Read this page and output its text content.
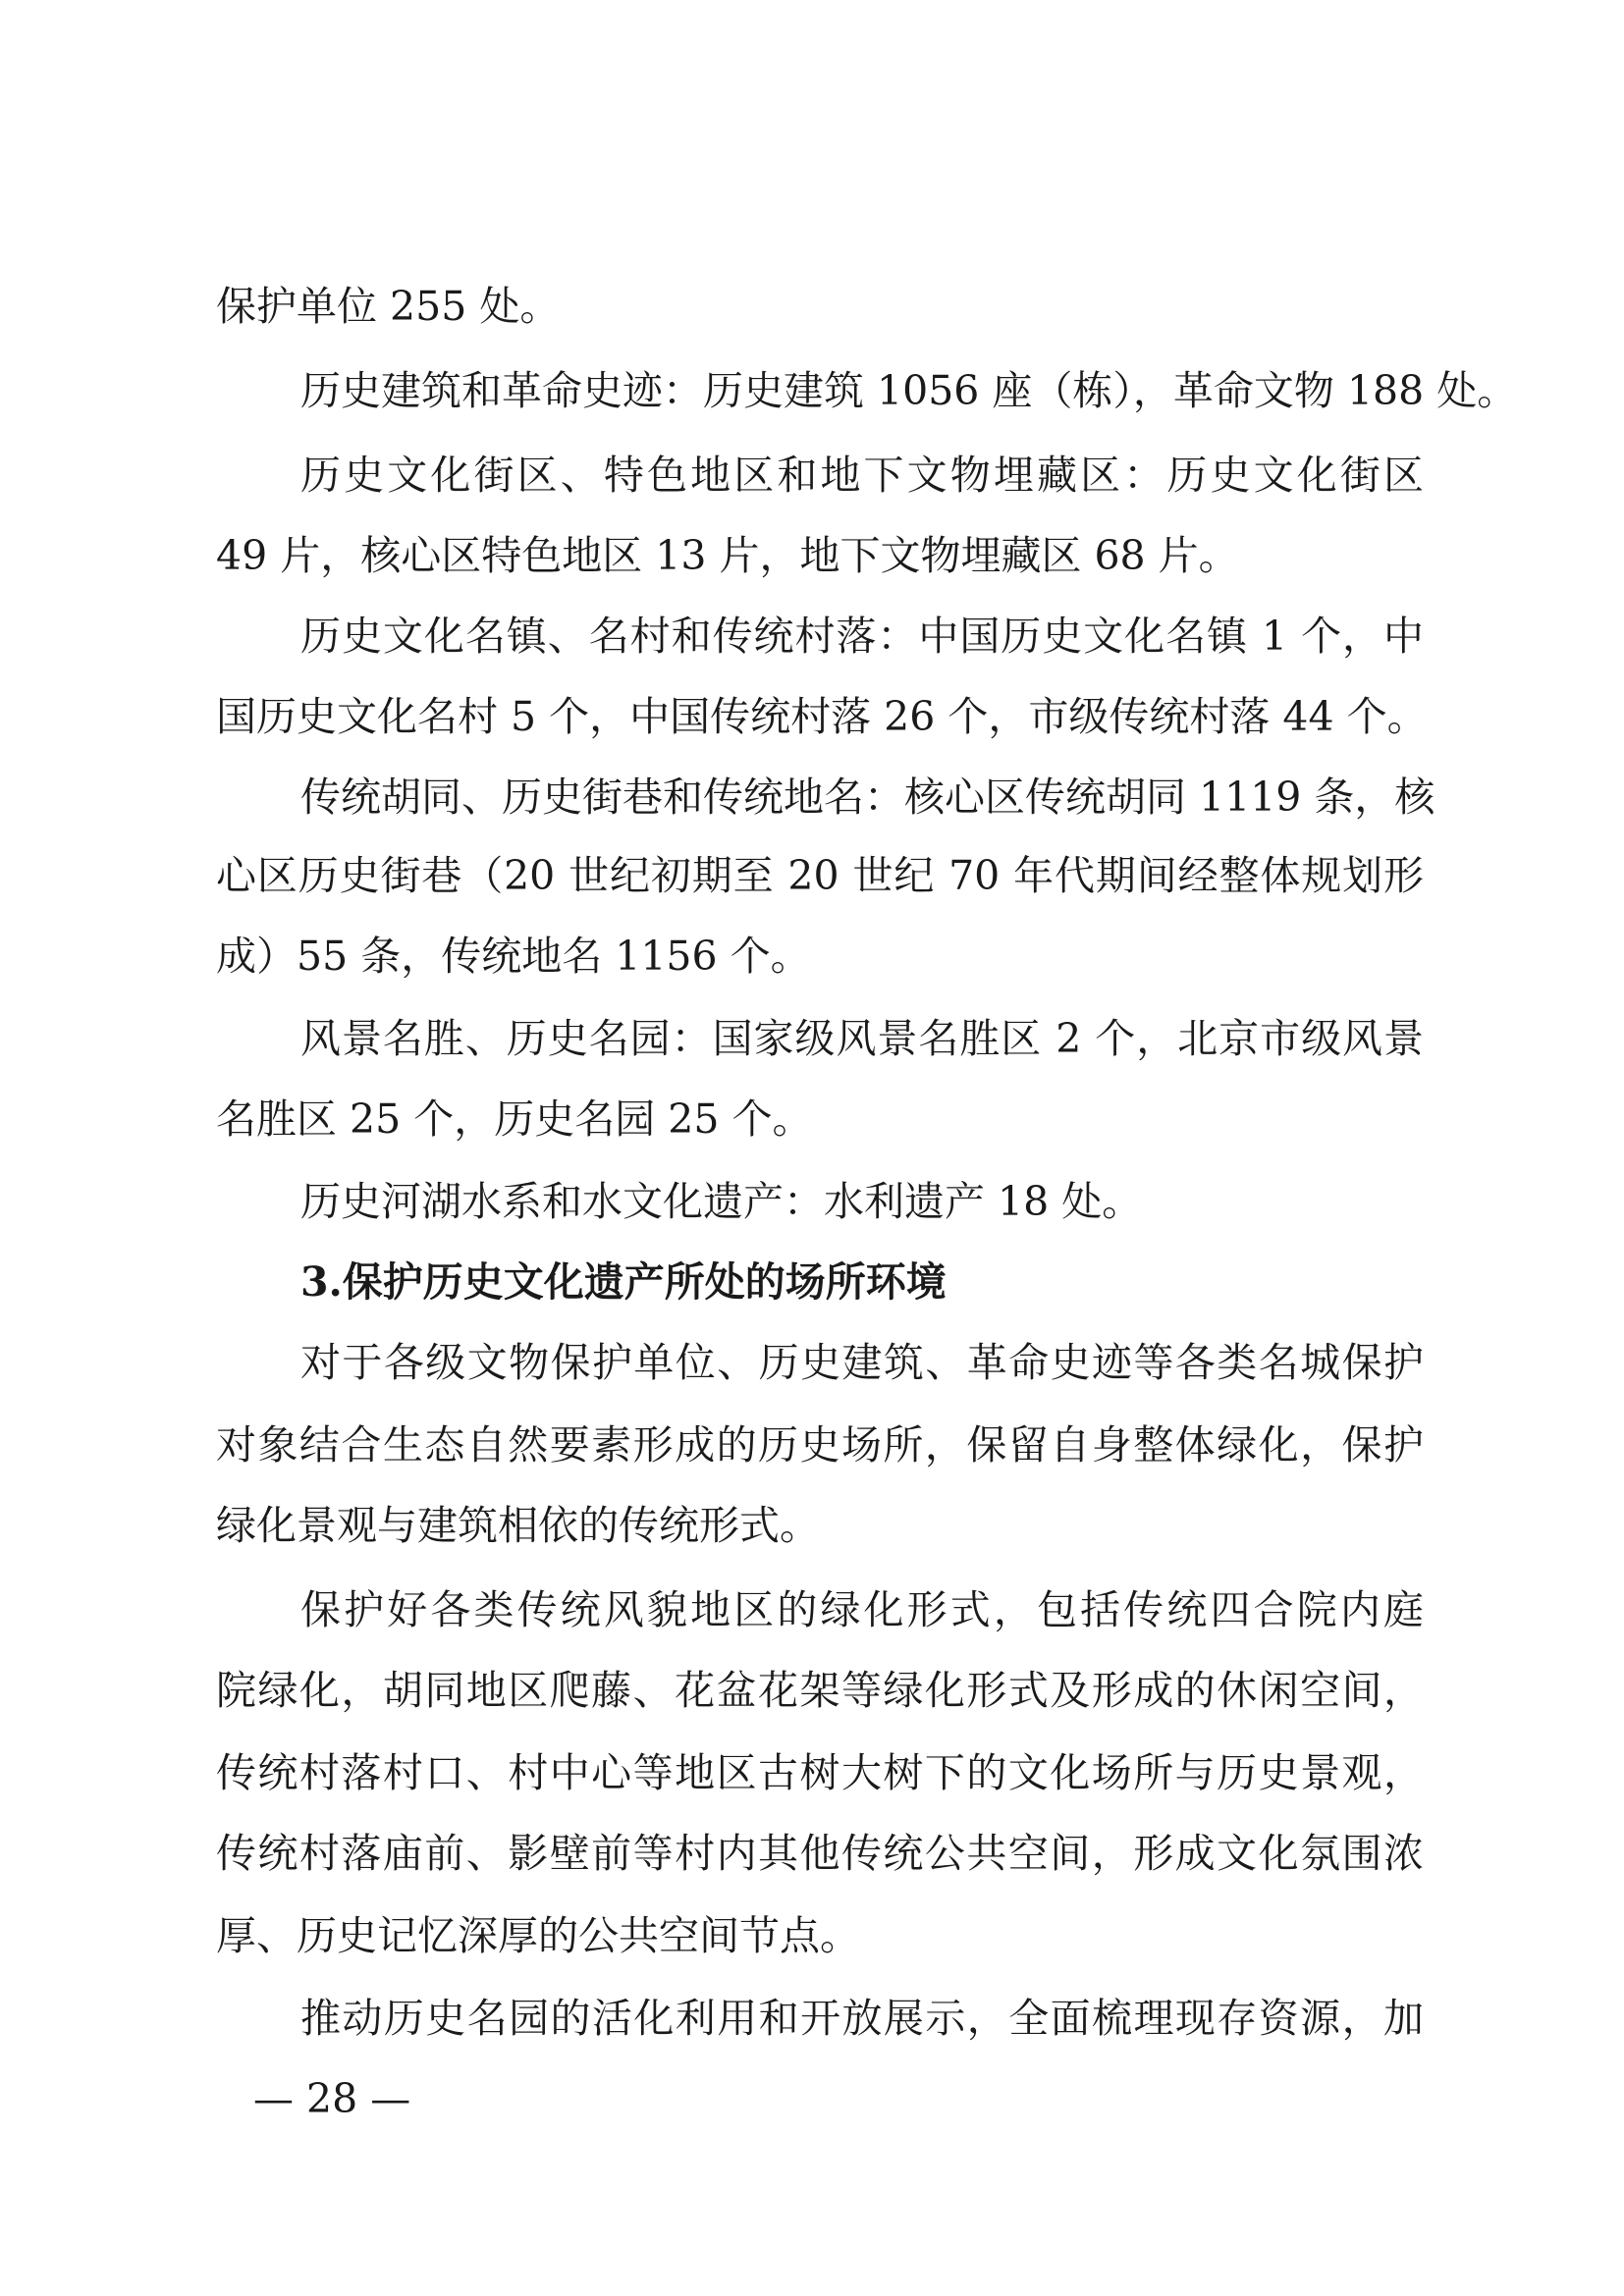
保护单位 255 处。
历史建筑和革命史迹：历史建筑 1056 座（栋），革命文物 188 处。
历史文化街区、特色地区和地下文物埋藏区：历史文化街区
49 片，核心区特色地区 13 片，地下文物埋藏区 68 片。
历史文化名镇、名村和传统村落：中国历史文化名镇 1 个，中
国历史文化名村 5 个，中国传统村落 26 个，市级传统村落 44 个。
传统胡同、历史街巷和传统地名：核心区传统胡同 1119 条，核
心区历史街巷（20 世纪初期至 20 世纪 70 年代期间经整体规划形
成）55 条，传统地名 1156 个。
风景名胜、历史名园：国家级风景名胜区 2 个，北京市级风景
名胜区 25 个，历史名园 25 个。
历史河湖水系和水文化遗产：水利遗产 18 处。
3.保护历史文化遗产所处的场所环境
对于各级文物保护单位、历史建筑、革命史迹等各类名城保护
对象结合生态自然要素形成的历史场所，保留自身整体绿化，保护
绿化景观与建筑相依的传统形式。
保护好各类传统风貌地区的绿化形式，包括传统四合院内庭
院绿化，胡同地区爬藤、花盆花架等绿化形式及形成的休闲空间，
传统村落村口、村中心等地区古树大树下的文化场所与历史景观，
传统村落庙前、影壁前等村内其他传统公共空间，形成文化氛围浓
厚、历史记忆深厚的公共空间节点。
推动历史名园的活化利用和开放展示，全面梳理现存资源，加
— 28 —
